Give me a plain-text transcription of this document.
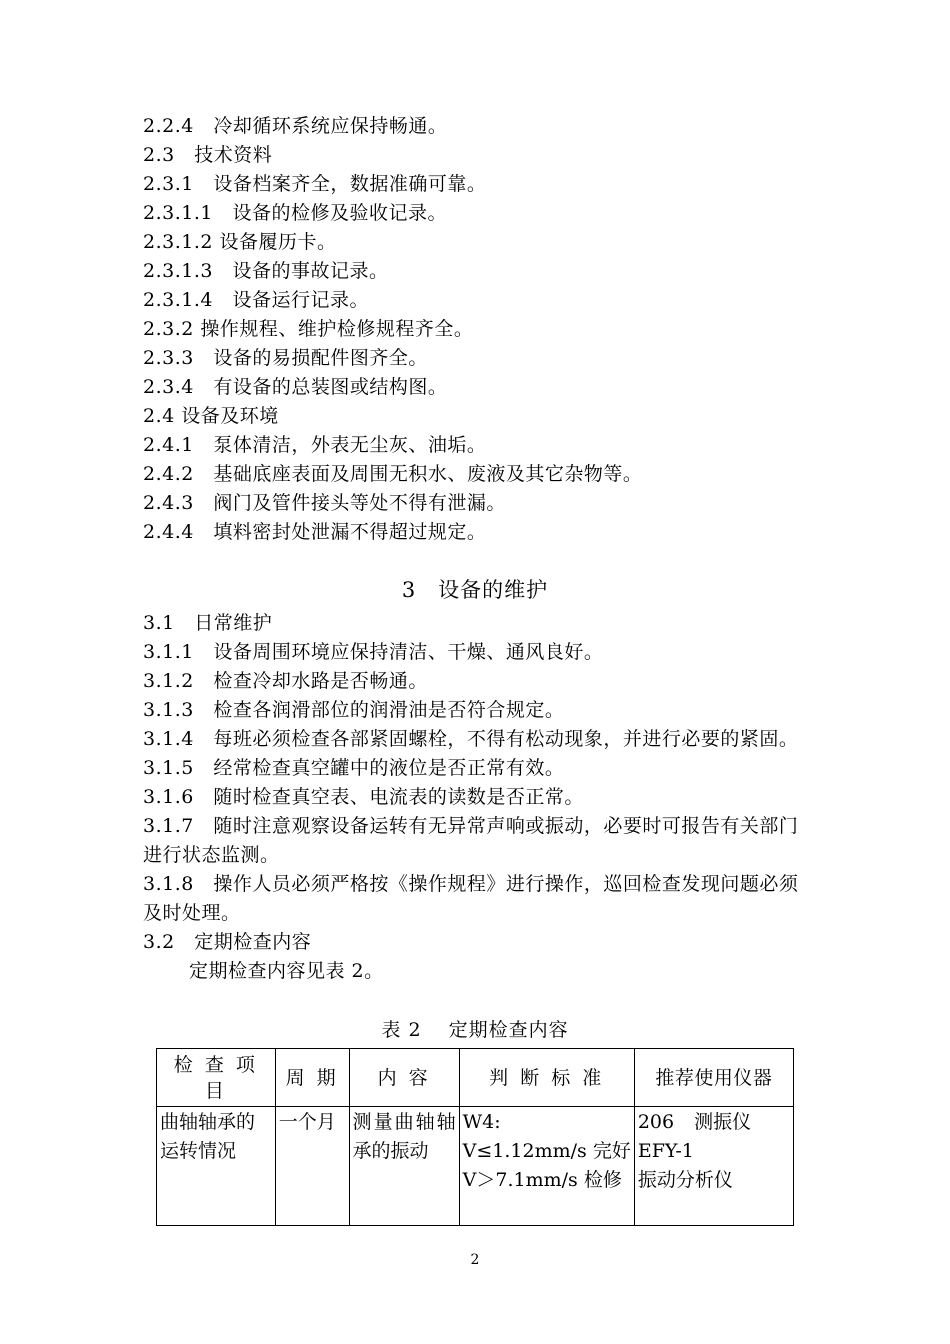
2.2.4　冷却循环系统应保持畅通。
2.3　技术资料
2.3.1　设备档案齐全，数据准确可靠。
2.3.1.1　设备的检修及验收记录。
2.3.1.2 设备履历卡。
2.3.1.3　设备的事故记录。
2.3.1.4　设备运行记录。
2.3.2 操作规程、维护检修规程齐全。
2.3.3　设备的易损配件图齐全。
2.3.4　有设备的总装图或结构图。
2.4 设备及环境
2.4.1　泵体清洁，外表无尘灰、油垢。
2.4.2　基础底座表面及周围无积水、废液及其它杂物等。
2.4.3　阀门及管件接头等处不得有泄漏。
2.4.4　填料密封处泄漏不得超过规定。
3　设备的维护
3.1　日常维护
3.1.1　设备周围环境应保持清洁、干燥、通风良好。
3.1.2　检查冷却水路是否畅通。
3.1.3　检查各润滑部位的润滑油是否符合规定。
3.1.4　每班必须检查各部紧固螺栓，不得有松动现象，并进行必要的紧固。
3.1.5　经常检查真空罐中的液位是否正常有效。
3.1.6　随时检查真空表、电流表的读数是否正常。
3.1.7　随时注意观察设备运转有无异常声响或振动，必要时可报告有关部门进行状态监测。
3.1.8　操作人员必须严格按《操作规程》进行操作，巡回检查发现问题必须及时处理。
3.2　定期检查内容
定期检查内容见表 2。
表 2　 定期检查内容
检 查 项 目	周 期	内 容	判 断 标 准	推荐使用仪器
曲轴轴承的运转情况	一个月	测量曲轴轴承的振动	W4:
V≤1.12mm/s 完好
V＞7.1mm/s 检修	206 测振仪
EFY-1
振动分析仪
2
